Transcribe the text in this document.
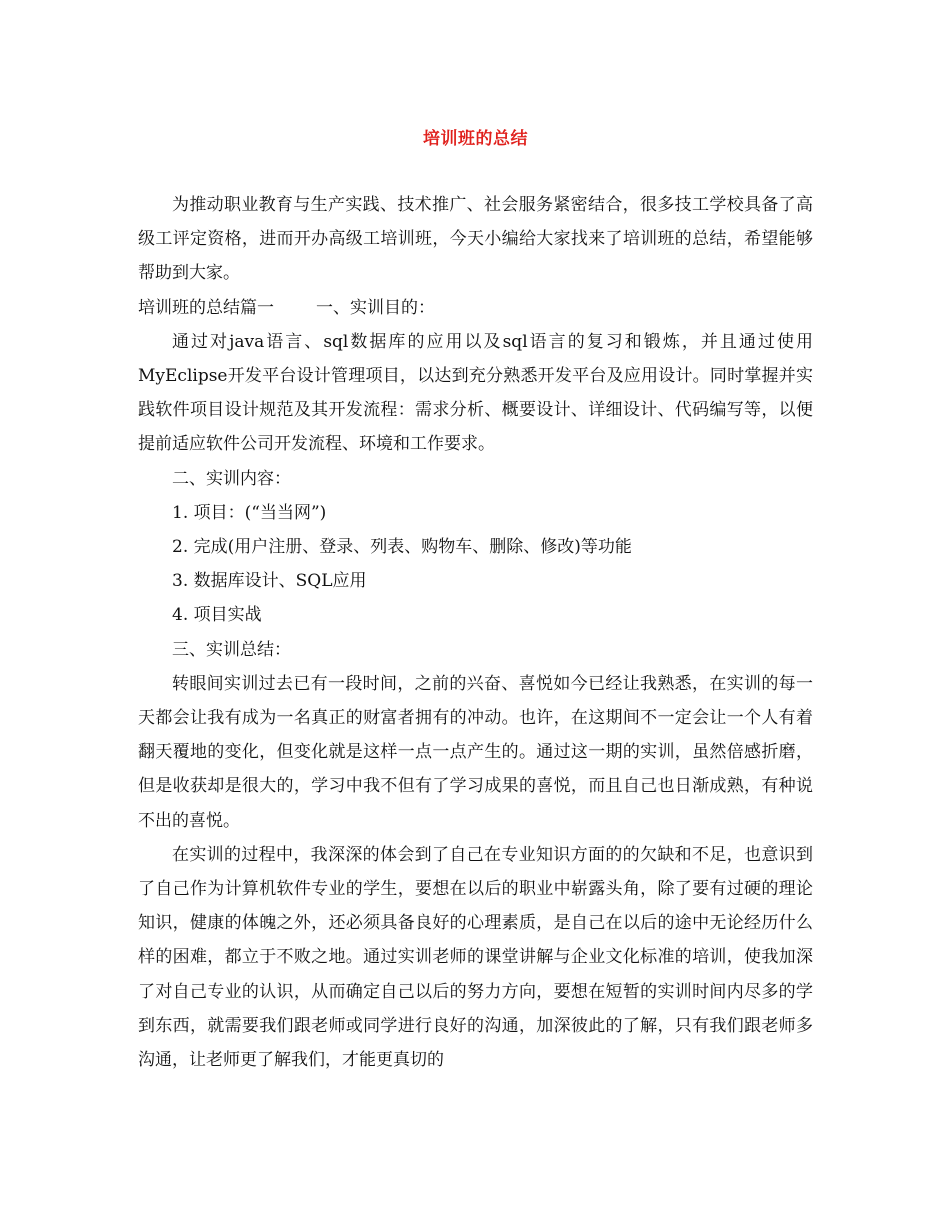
培训班的总结

为推动职业教育与生产实践、技术推广、社会服务紧密结合，很多技工学校具备了高级工评定资格，进而开办高级工培训班，今天小编给大家找来了培训班的总结，希望能够帮助到大家。

培训班的总结篇一 一、实训目的：

通过对java语言、sql数据库的应用以及sql语言的复习和锻炼，并且通过使用MyEclipse开发平台设计管理项目，以达到充分熟悉开发平台及应用设计。同时掌握并实践软件项目设计规范及其开发流程：需求分析、概要设计、详细设计、代码编写等，以便提前适应软件公司开发流程、环境和工作要求。

二、实训内容：

1. 项目：(“当当网”)

2. 完成(用户注册、登录、列表、购物车、删除、修改)等功能

3. 数据库设计、SQL应用

4. 项目实战

三、实训总结：

转眼间实训过去已有一段时间，之前的兴奋、喜悦如今已经让我熟悉，在实训的每一天都会让我有成为一名真正的财富者拥有的冲动。也许，在这期间不一定会让一个人有着翻天覆地的变化，但变化就是这样一点一点产生的。通过这一期的实训，虽然倍感折磨，但是收获却是很大的，学习中我不但有了学习成果的喜悦，而且自己也日渐成熟，有种说不出的喜悦。

在实训的过程中，我深深的体会到了自己在专业知识方面的的欠缺和不足，也意识到了自己作为计算机软件专业的学生，要想在以后的职业中崭露头角，除了要有过硬的理论知识，健康的体魄之外，还必须具备良好的心理素质，是自己在以后的途中无论经历什么样的困难，都立于不败之地。通过实训老师的课堂讲解与企业文化标准的培训，使我加深了对自己专业的认识，从而确定自己以后的努力方向，要想在短暂的实训时间内尽多的学到东西，就需要我们跟老师或同学进行良好的沟通，加深彼此的了解，只有我们跟老师多沟通，让老师更了解我们，才能更真切的
